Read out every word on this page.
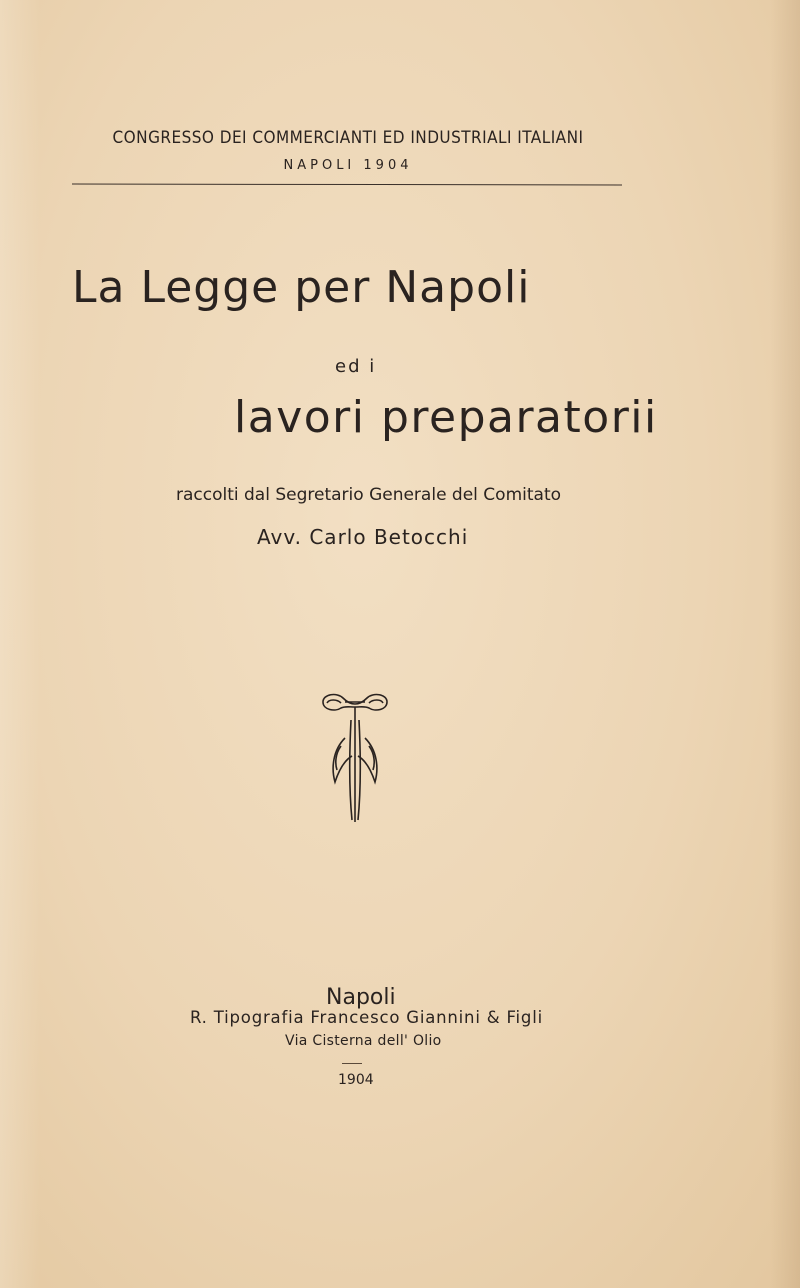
CONGRESSO DEI COMMERCIANTI ED INDUSTRIALI ITALIANI
NAPOLI 1904
La Legge per Napoli
ed i
lavori preparatorii
raccolti dal Segretario Generale del Comitato
Avv. Carlo Betocchi
Napoli
R. Tipografia Francesco Giannini & Figli
Via Cisterna dell' Olio
1904
